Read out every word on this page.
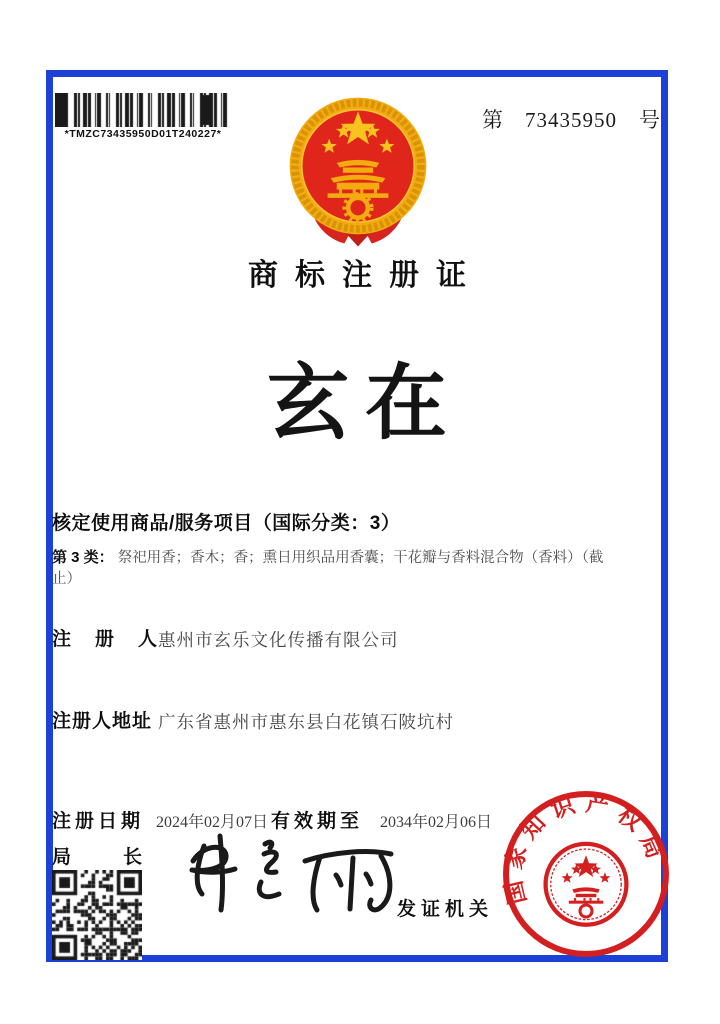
*TMZC73435950D01T240227*
第 73435950 号
商标注册证
玄在
核定使用商品/服务项目（国际分类：3）
第 3 类： 祭祀用香；香木；香；熏日用织品用香囊；干花瓣与香料混合物（香料）（截止）
注册人
惠州市玄乐文化传播有限公司
注册人地址 广东省惠州市惠东县白花镇石陂坑村
注册日期 2024年02月07日 有效期至 2034年02月06日
局长
发证机关
国家知识产权局
